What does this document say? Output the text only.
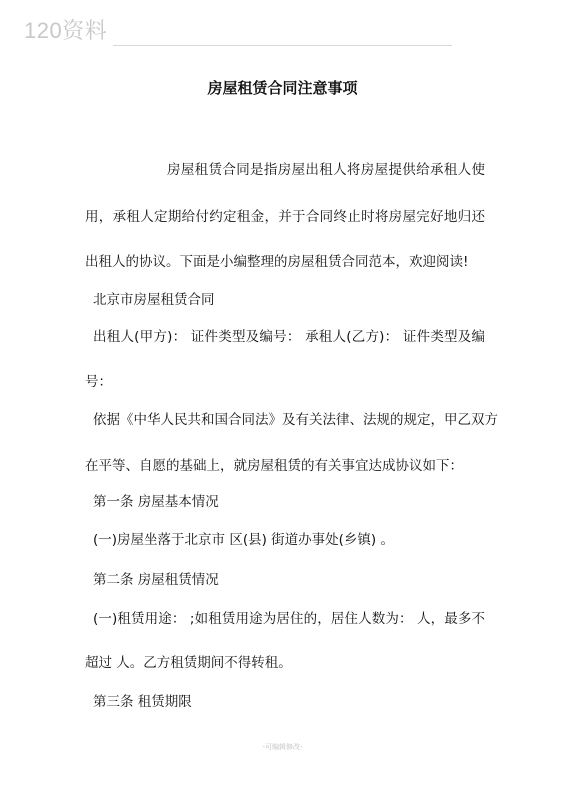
120资料
房屋租赁合同注意事项
房屋租赁合同是指房屋出租人将房屋提供给承租人使
用，承租人定期给付约定租金，并于合同终止时将房屋完好地归还
出租人的协议。下面是小编整理的房屋租赁合同范本，欢迎阅读!
北京市房屋租赁合同
出租人(甲方)： 证件类型及编号： 承租人(乙方)： 证件类型及编
号：
依据《中华人民共和国合同法》及有关法律、法规的规定，甲乙双方
在平等、自愿的基础上，就房屋租赁的有关事宜达成协议如下：
第一条 房屋基本情况
(一)房屋坐落于北京市 区(县) 街道办事处(乡镇) 。
第二条 房屋租赁情况
(一)租赁用途： ;如租赁用途为居住的，居住人数为： 人，最多不
超过 人。乙方租赁期间不得转租。
第三条 租赁期限
-可编辑修改-
